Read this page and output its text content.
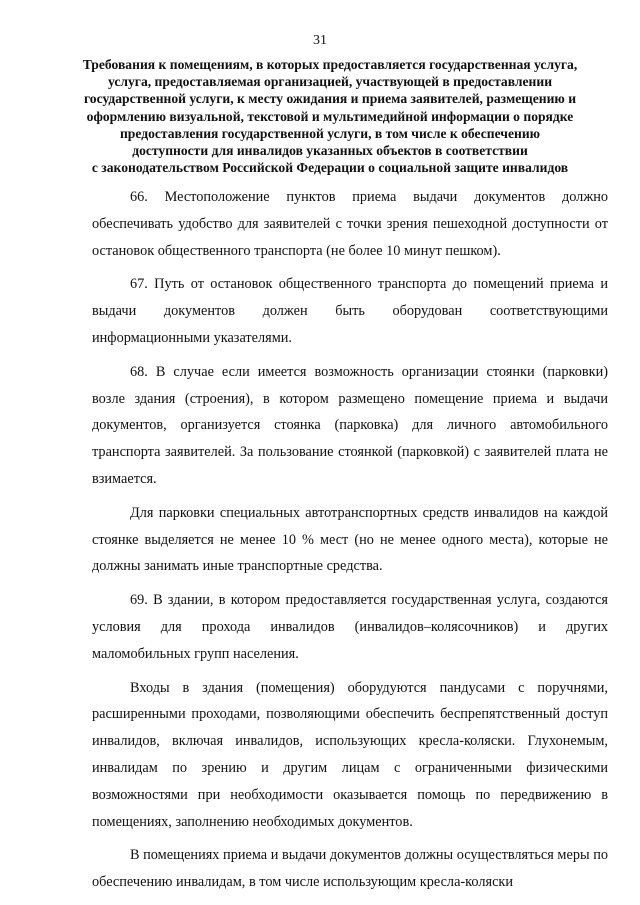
31
Требования к помещениям, в которых предоставляется государственная услуга,
услуга, предоставляемая организацией, участвующей в предоставлении
государственной услуги, к месту ожидания и приема заявителей, размещению и
оформлению визуальной, текстовой и мультимедийной информации о порядке
предоставления государственной услуги, в том числе к обеспечению
доступности для инвалидов указанных объектов в соответствии
с законодательством Российской Федерации о социальной защите инвалидов

66. Местоположение пунктов приема выдачи документов должно обеспечивать удобство для заявителей с точки зрения пешеходной доступности от остановок общественного транспорта (не более 10 минут пешком).

67. Путь от остановок общественного транспорта до помещений приема и выдачи документов должен быть оборудован соответствующими информационными указателями.

68. В случае если имеется возможность организации стоянки (парковки) возле здания (строения), в котором размещено помещение приема и выдачи документов, организуется стоянка (парковка) для личного автомобильного транспорта заявителей. За пользование стоянкой (парковкой) с заявителей плата не взимается.

Для парковки специальных автотранспортных средств инвалидов на каждой стоянке выделяется не менее 10 % мест (но не менее одного места), которые не должны занимать иные транспортные средства.

69. В здании, в котором предоставляется государственная услуга, создаются условия для прохода инвалидов (инвалидов–колясочников) и других маломобильных групп населения.

Входы в здания (помещения) оборудуются пандусами с поручнями, расширенными проходами, позволяющими обеспечить беспрепятственный доступ инвалидов, включая инвалидов, использующих кресла-коляски. Глухонемым, инвалидам по зрению и другим лицам с ограниченными физическими возможностями при необходимости оказывается помощь по передвижению в помещениях, заполнению необходимых документов.

В помещениях приема и выдачи документов должны осуществляться меры по обеспечению инвалидам, в том числе использующим кресла-коляски
